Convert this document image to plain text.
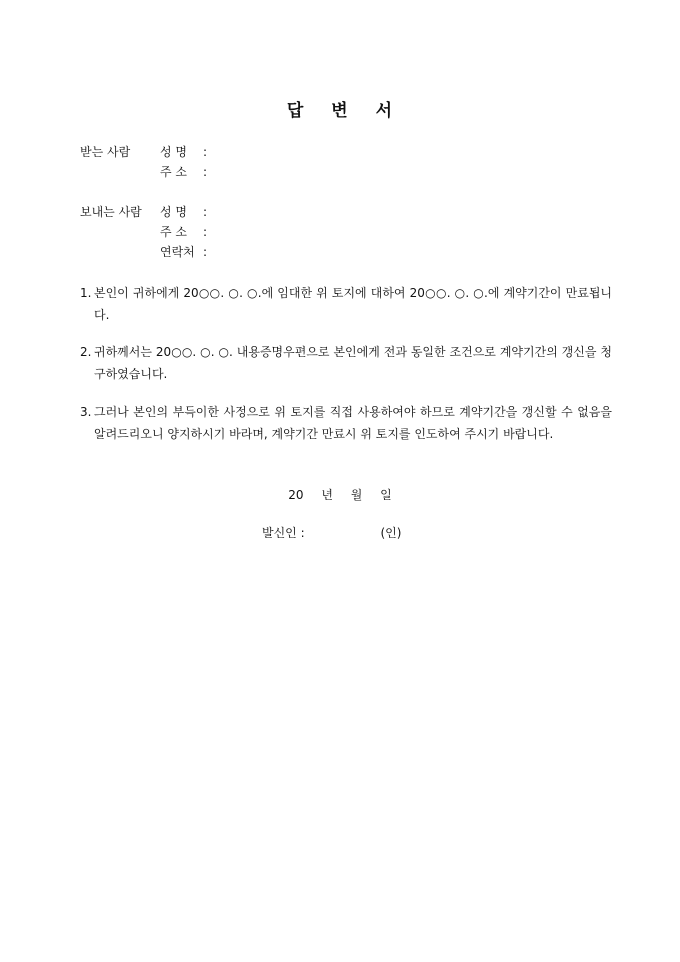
답 변 서
받는 사람	성 명	:
주 소	:
보내는 사람	성 명	:
주 소	:
연락처 :
1. 본인이 귀하에게 20○○. ○. ○.에 임대한 위 토지에 대하여 20○○. ○. ○.에 계약기간이 만료됩니다.
2. 귀하께서는 20○○. ○. ○. 내용증명우편으로 본인에게 전과 동일한 조건으로 계약기간의 갱신을 청구하였습니다.
3. 그러나 본인의 부득이한 사정으로 위 토지를 직접 사용하여야 하므로 계약기간을 갱신할 수 없음을 알려드리오니 양지하시기 바라며, 계약기간 만료시 위 토지를 인도하여 주시기 바랍니다.
20 년 월 일
발신인 :	(인)
